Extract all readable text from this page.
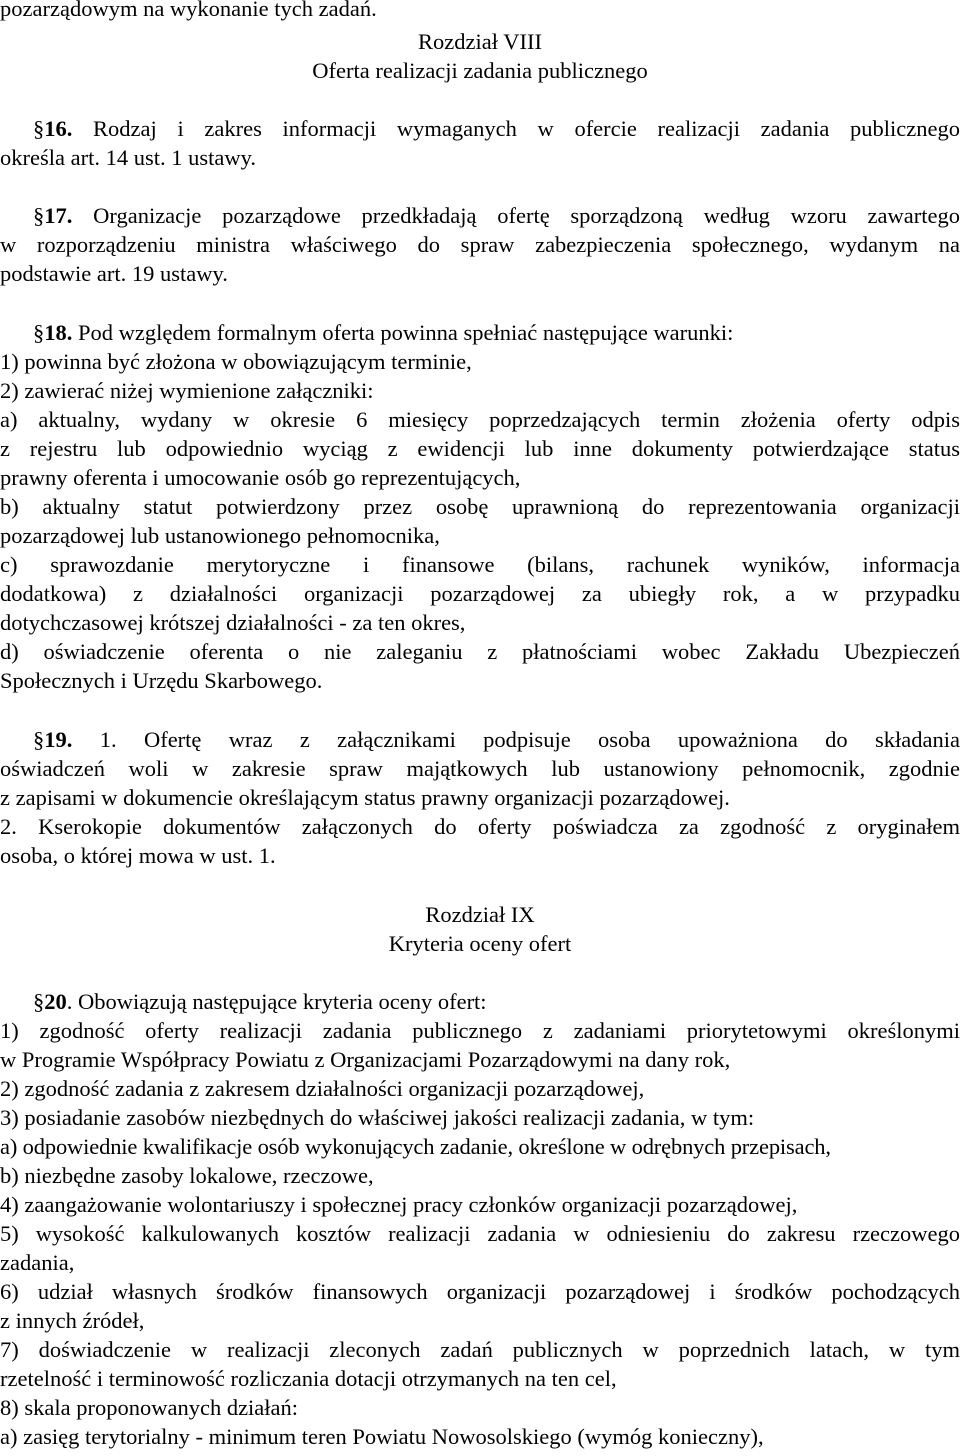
pozarządowym na wykonanie tych zadań.
Rozdział VIII
Oferta realizacji zadania publicznego
§16. Rodzaj i zakres informacji wymaganych w ofercie realizacji zadania publicznego
określa art. 14 ust. 1 ustawy.
§17. Organizacje pozarządowe przedkładają ofertę sporządzoną według wzoru zawartego
w rozporządzeniu ministra właściwego do spraw zabezpieczenia społecznego, wydanym na
podstawie art. 19 ustawy.
§18. Pod względem formalnym oferta powinna spełniać następujące warunki:
1) powinna być złożona w obowiązującym terminie,
2) zawierać niżej wymienione załączniki:
a) aktualny, wydany w okresie 6 miesięcy poprzedzających termin złożenia oferty odpis
z rejestru lub odpowiednio wyciąg z ewidencji lub inne dokumenty potwierdzające status
prawny oferenta i umocowanie osób go reprezentujących,
b) aktualny statut potwierdzony przez osobę uprawnioną do reprezentowania organizacji
pozarządowej lub ustanowionego pełnomocnika,
c) sprawozdanie merytoryczne i finansowe (bilans, rachunek wyników, informacja
dodatkowa) z działalności organizacji pozarządowej za ubiegły rok, a w przypadku
dotychczasowej krótszej działalności - za ten okres,
d) oświadczenie oferenta o nie zaleganiu z płatnościami wobec Zakładu Ubezpieczeń
Społecznych i Urzędu Skarbowego.
§19. 1. Ofertę wraz z załącznikami podpisuje osoba upoważniona do składania
oświadczeń woli w zakresie spraw majątkowych lub ustanowiony pełnomocnik, zgodnie
z zapisami w dokumencie określającym status prawny organizacji pozarządowej.
2. Kserokopie dokumentów załączonych do oferty poświadcza za zgodność z oryginałem
osoba, o której mowa w ust. 1.
Rozdział IX
Kryteria oceny ofert
§20. Obowiązują następujące kryteria oceny ofert:
1) zgodność oferty realizacji zadania publicznego z zadaniami priorytetowymi określonymi
w Programie Współpracy Powiatu z Organizacjami Pozarządowymi na dany rok,
2) zgodność zadania z zakresem działalności organizacji pozarządowej,
3) posiadanie zasobów niezbędnych do właściwej jakości realizacji zadania, w tym:
a) odpowiednie kwalifikacje osób wykonujących zadanie, określone w odrębnych przepisach,
b) niezbędne zasoby lokalowe, rzeczowe,
4) zaangażowanie wolontariuszy i społecznej pracy członków organizacji pozarządowej,
5) wysokość kalkulowanych kosztów realizacji zadania w odniesieniu do zakresu rzeczowego
zadania,
6) udział własnych środków finansowych organizacji pozarządowej i środków pochodzących
z innych źródeł,
7) doświadczenie w realizacji zleconych zadań publicznych w poprzednich latach, w tym
rzetelność i terminowość rozliczania dotacji otrzymanych na ten cel,
8) skala proponowanych działań:
a) zasięg terytorialny - minimum teren Powiatu Nowosolskiego (wymóg konieczny),
